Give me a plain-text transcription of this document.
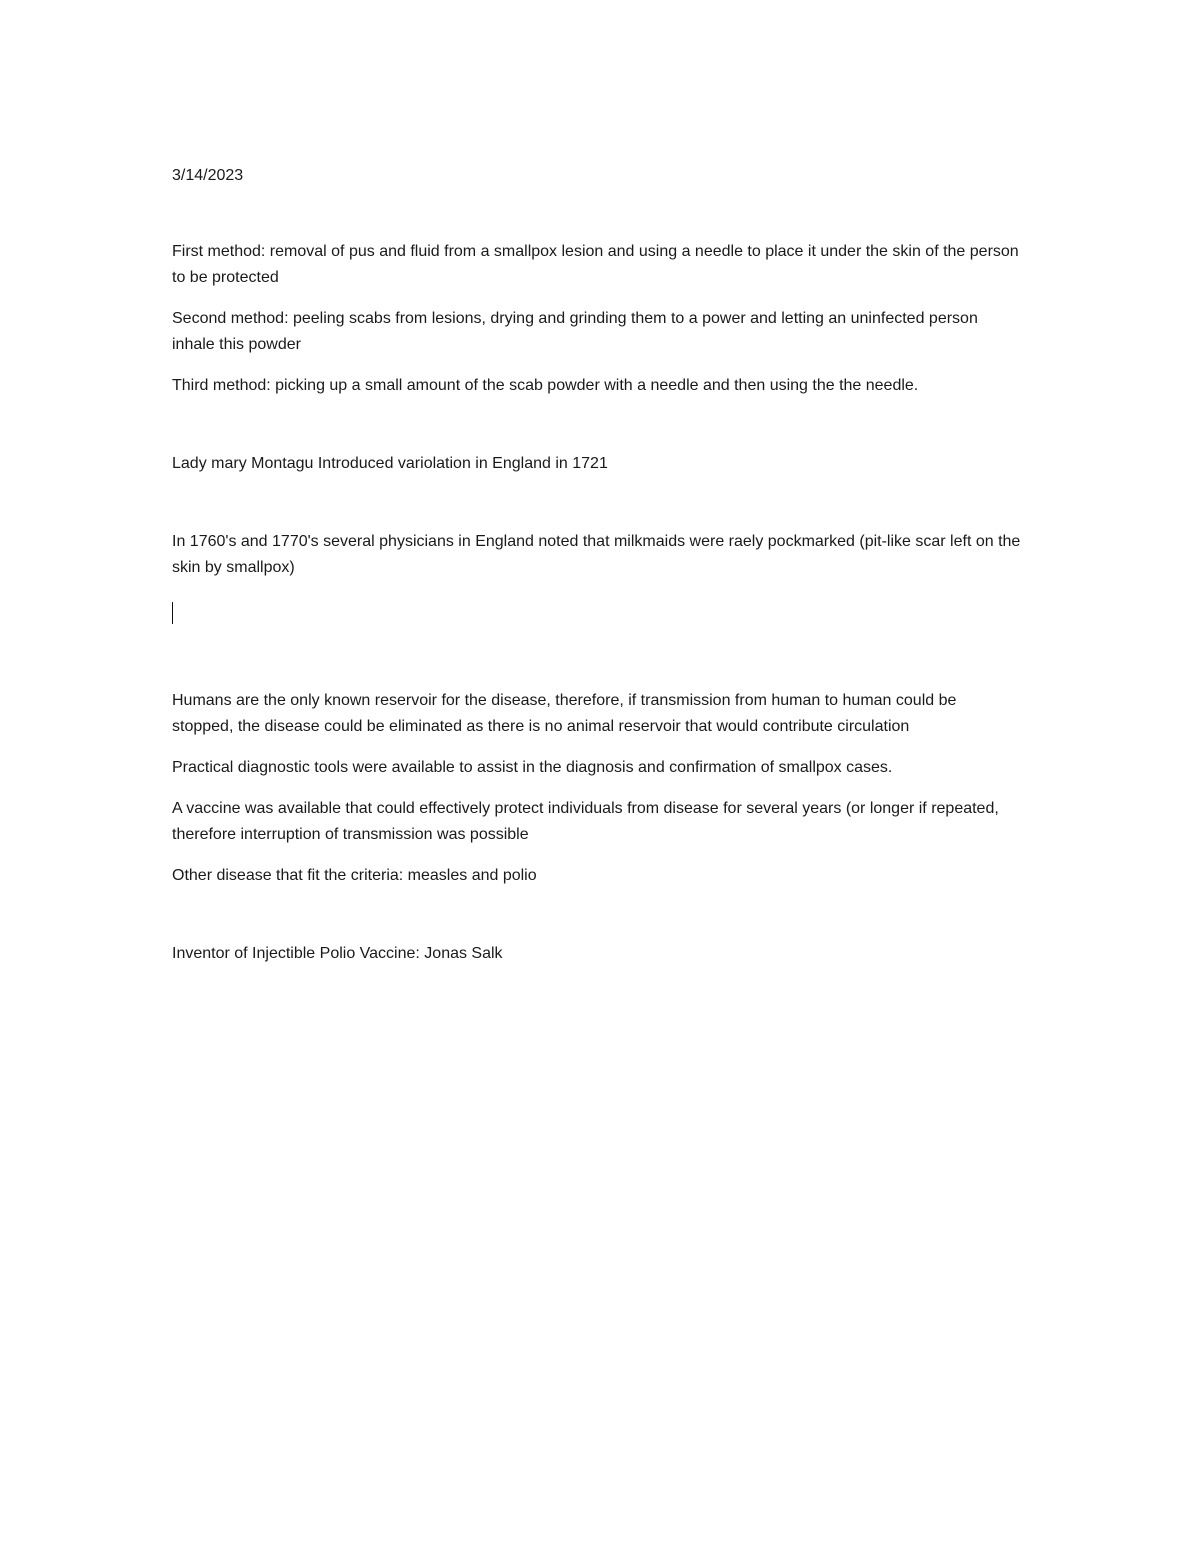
3/14/2023

First method: removal of pus and fluid from a smallpox lesion and using a needle to place it under the skin of the person to be protected

Second method: peeling scabs from lesions, drying and grinding them to a power and letting an uninfected person inhale this powder

Third method: picking up a small amount of the scab powder with a needle and then using the the needle.

Lady mary Montagu Introduced variolation in England in 1721

In 1760's and 1770's several physicians in England noted that milkmaids were raely pockmarked (pit-like scar left on the skin by smallpox)

Humans are the only known reservoir for the disease, therefore, if transmission from human to human could be stopped, the disease could be eliminated as there is no animal reservoir that would contribute circulation

Practical diagnostic tools were available to assist in the diagnosis and confirmation of smallpox cases.

A vaccine was available that could effectively protect individuals from disease for several years (or longer if repeated, therefore interruption of transmission was possible

Other disease that fit the criteria: measles and polio

Inventor of Injectible Polio Vaccine: Jonas Salk
